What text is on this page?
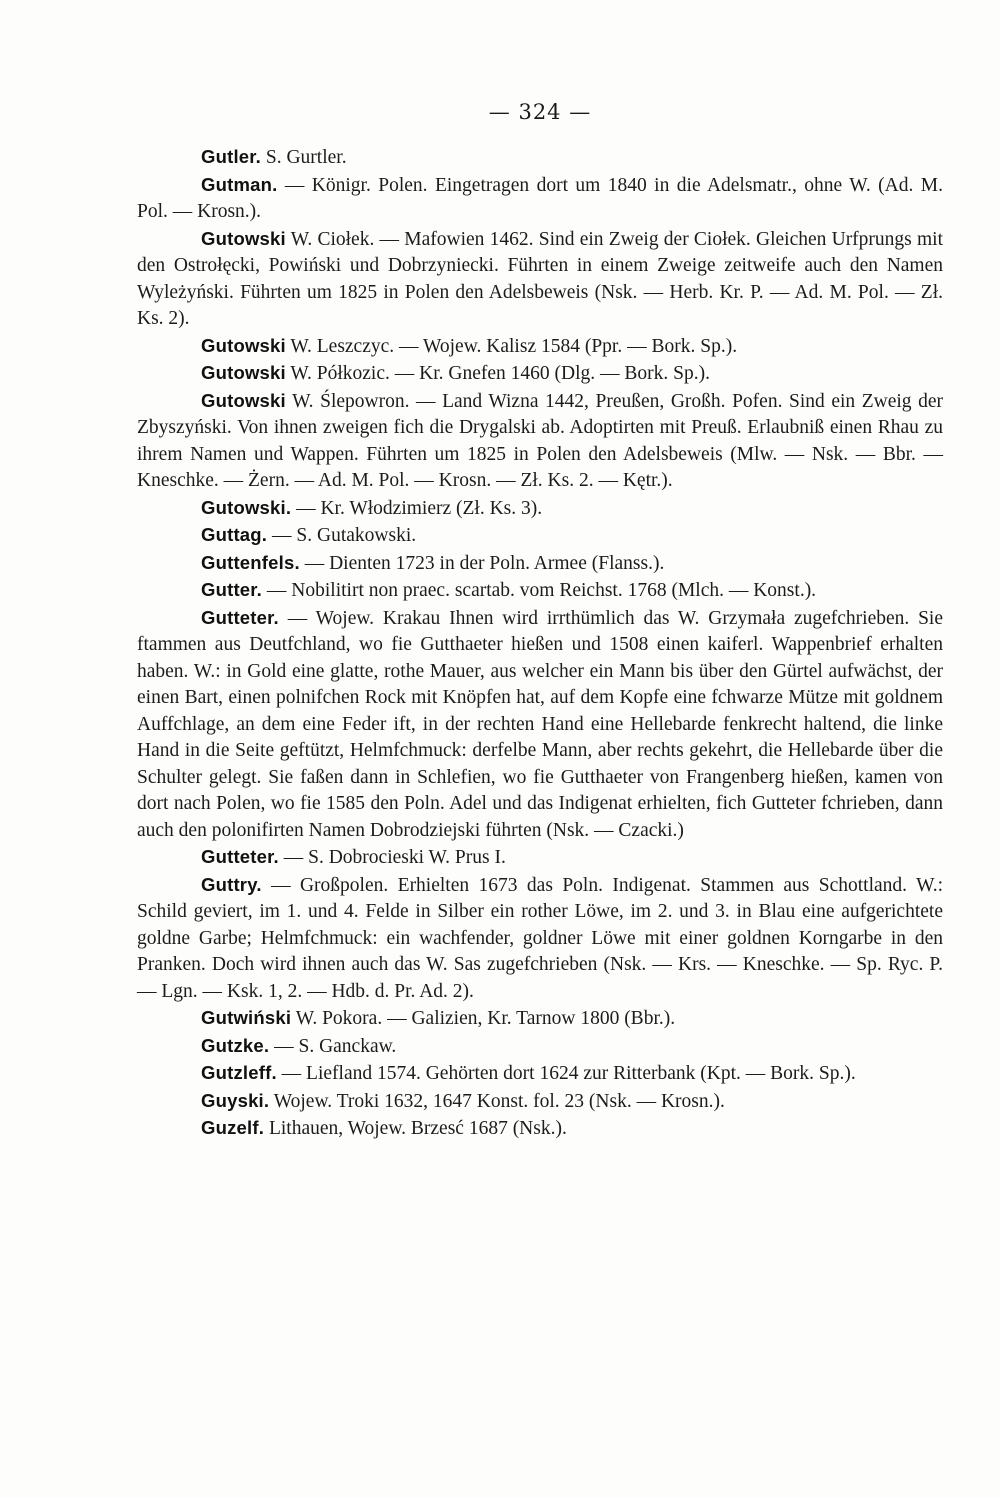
— 324 —

Gutler. S. Gurtler.

Gutman. — Königr. Polen. Eingetragen dort um 1840 in die Adelsmatr., ohne W. (Ad. M. Pol. — Krosn.).

Gutowski W. Ciołek. — Mafowien 1462. Sind ein Zweig der Ciołek. Gleichen Urfprungs mit den Ostrołęcki, Powiński und Dobrzyniecki. Führten in einem Zweige zeitweife auch den Namen Wyleżyński. Führten um 1825 in Polen den Adelsbeweis (Nsk. — Herb. Kr. P. — Ad. M. Pol. — Zł. Ks. 2).

Gutowski W. Leszczyc. — Wojew. Kalisz 1584 (Ppr. — Bork. Sp.).

Gutowski W. Półkozic. — Kr. Gnefen 1460 (Dlg. — Bork. Sp.).

Gutowski W. Ślepowron. — Land Wizna 1442, Preußen, Großh. Pofen. Sind ein Zweig der Zbyszyński. Von ihnen zweigen fich die Drygalski ab. Adoptirten mit Preuß. Erlaubniß einen Rhau zu ihrem Namen und Wappen. Führten um 1825 in Polen den Adelsbeweis (Mlw. — Nsk. — Bbr. — Kneschke. — Żern. — Ad. M. Pol. — Krosn. — Zł. Ks. 2. — Kętr.).

Gutowski. — Kr. Włodzimierz (Zł. Ks. 3).

Guttag. — S. Gutakowski.

Guttenfels. — Dienten 1723 in der Poln. Armee (Flanss.).

Gutter. — Nobilitirt non praec. scartab. vom Reichst. 1768 (Mlch. — Konst.).

Gutteter. — Wojew. Krakau Ihnen wird irrthümlich das W. Grzymała zugefchrieben. Sie ftammen aus Deutfchland, wo fie Gutthaeter hießen und 1508 einen kaiferl. Wappenbrief erhalten haben. W.: in Gold eine glatte, rothe Mauer, aus welcher ein Mann bis über den Gürtel aufwächst, der einen Bart, einen polnifchen Rock mit Knöpfen hat, auf dem Kopfe eine fchwarze Mütze mit goldnem Auffchlage, an dem eine Feder ift, in der rechten Hand eine Hellebarde fenkrecht haltend, die linke Hand in die Seite geftützt, Helmfchmuck: derfelbe Mann, aber rechts gekehrt, die Hellebarde über die Schulter gelegt. Sie faßen dann in Schlefien, wo fie Gutthaeter von Frangenberg hießen, kamen von dort nach Polen, wo fie 1585 den Poln. Adel und das Indigenat erhielten, fich Gutteter fchrieben, dann auch den polonifirten Namen Dobrodziejski führten (Nsk. — Czacki.)

Gutteter. — S. Dobrocieski W. Prus I.

Guttry. — Großpolen. Erhielten 1673 das Poln. Indigenat. Stammen aus Schottland. W.: Schild geviert, im 1. und 4. Felde in Silber ein rother Löwe, im 2. und 3. in Blau eine aufgerichtete goldne Garbe; Helmfchmuck: ein wachfender, goldner Löwe mit einer goldnen Korngarbe in den Pranken. Doch wird ihnen auch das W. Sas zugefchrieben (Nsk. — Krs. — Kneschke. — Sp. Ryc. P. — Lgn. — Ksk. 1, 2. — Hdb. d. Pr. Ad. 2).

Gutwiński W. Pokora. — Galizien, Kr. Tarnow 1800 (Bbr.).

Gutzke. — S. Ganckaw.

Gutzleff. — Liefland 1574. Gehörten dort 1624 zur Ritterbank (Kpt. — Bork. Sp.).

Guyski. Wojew. Troki 1632, 1647 Konst. fol. 23 (Nsk. — Krosn.).

Guzelf. Lithauen, Wojew. Brzesć 1687 (Nsk.).
